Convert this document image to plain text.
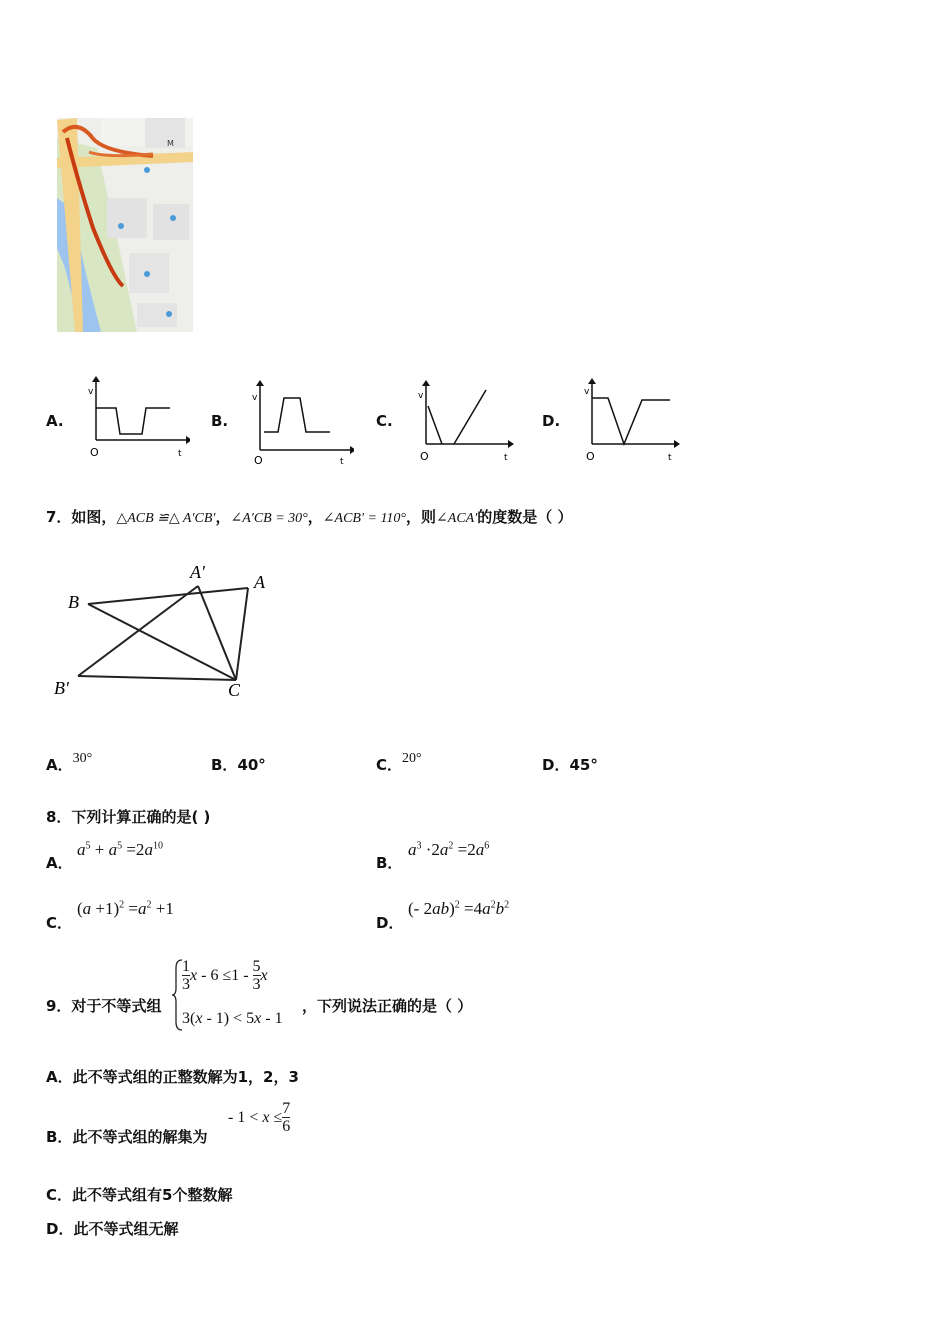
M
A.
v
O	t
B.
v
O	t
C.
v
O	t
D.
v
O	t
7．如图，△ACB ≌△ A′CB′，∠A′CB = 30°，∠ACB′ = 110°，则∠ACA′的度数是（ ）
B
A′	A
B′	C
A．30°	B．40°	C．20°	D．45°
8．下列计算正确的是( )
A．
$a^5 + a^5 =2a^{10}$
B．
$a^3 \cdot 2a^2 =2a^6$
C．
$(a +1)^2 =a^2 +1$
D．
(- $2ab)^2 =4a^2b^2$
9．对于不等式组
$\frac{1}{3}$ $x - 6 \le 1 - \frac{5}{3}$ x
3(x - 1) < 5x - 1
，下列说法正确的是（ ）
A．此不等式组的正整数解为1，2，3
B．此不等式组的解集为
- $1 < x \le \frac{7}{6}$
C．此不等式组有5个整数解
D．此不等式组无解
